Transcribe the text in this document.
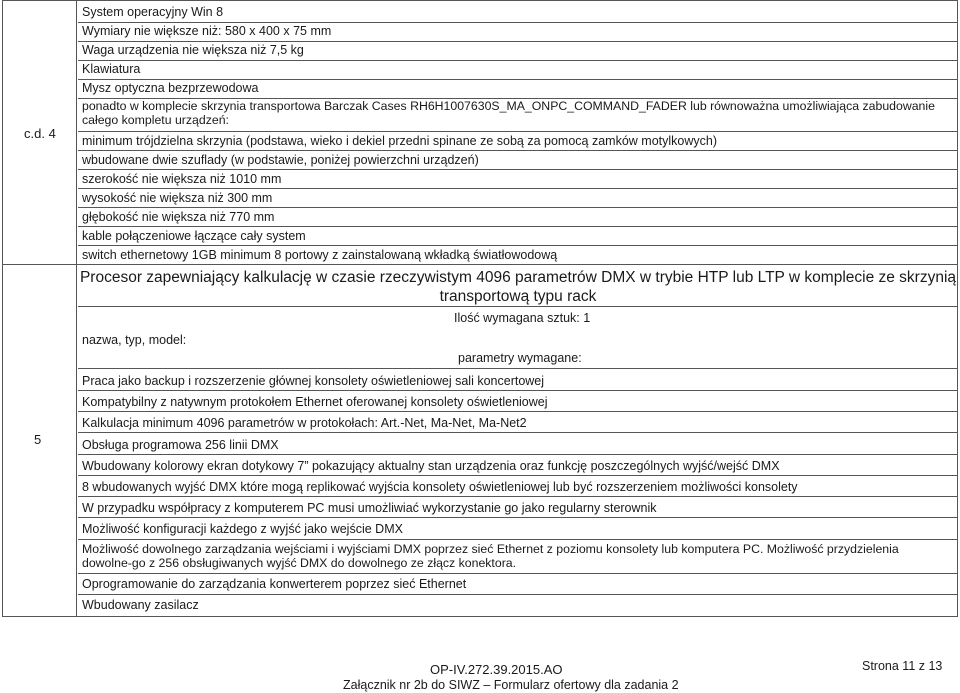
c.d. 4
System operacyjny Win 8
Wymiary nie większe niż: 580 x 400 x 75 mm
Waga urządzenia nie większa niż 7,5 kg
Klawiatura
Mysz optyczna bezprzewodowa
ponadto w komplecie skrzynia transportowa Barczak Cases RH6H1007630S_MA_ONPC_COMMAND_FADER lub równoważna umożliwiająca zabudowanie całego kompletu urządzeń:
minimum trójdzielna skrzynia (podstawa, wieko i dekiel przedni spinane ze sobą za pomocą zamków motylkowych)
wbudowane dwie szuflady (w podstawie, poniżej powierzchni urządzeń)
szerokość nie większa niż 1010 mm
wysokość nie większa niż 300 mm
głębokość nie większa niż 770 mm
kable połączeniowe łączące cały system
switch ethernetowy 1GB minimum 8 portowy z zainstalowaną wkładką światłowodową
5
Procesor zapewniający kalkulację w czasie rzeczywistym 4096 parametrów DMX w trybie HTP lub LTP w komplecie ze skrzynią transportową typu rack
Ilość wymagana sztuk: 1
nazwa, typ, model:
parametry wymagane:
Praca jako backup i rozszerzenie głównej konsolety oświetleniowej sali koncertowej
Kompatybilny z natywnym protokołem Ethernet oferowanej konsolety oświetleniowej
Kalkulacja minimum 4096 parametrów w protokołach: Art.-Net, Ma-Net, Ma-Net2
Obsługa programowa 256 linii DMX
Wbudowany kolorowy ekran dotykowy 7” pokazujący aktualny stan urządzenia oraz funkcję poszczególnych wyjść/wejść DMX
8 wbudowanych wyjść DMX które mogą replikować wyjścia konsolety oświetleniowej lub być rozszerzeniem możliwości konsolety
W przypadku współpracy z komputerem PC musi umożliwiać wykorzystanie go jako regularny sterownik
Możliwość konfiguracji każdego z wyjść jako wejście DMX
Możliwość dowolnego zarządzania wejściami i wyjściami DMX poprzez sieć Ethernet z poziomu konsolety lub komputera PC. Możliwość przydzielenia dowolne-go z 256 obsługiwanych wyjść DMX do dowolnego ze złącz konektora.
Oprogramowanie do zarządzania konwerterem poprzez sieć Ethernet
Wbudowany zasilacz
OP-IV.272.39.2015.AO
Załącznik nr 2b do SIWZ – Formularz ofertowy dla zadania 2
Strona 11 z 13
